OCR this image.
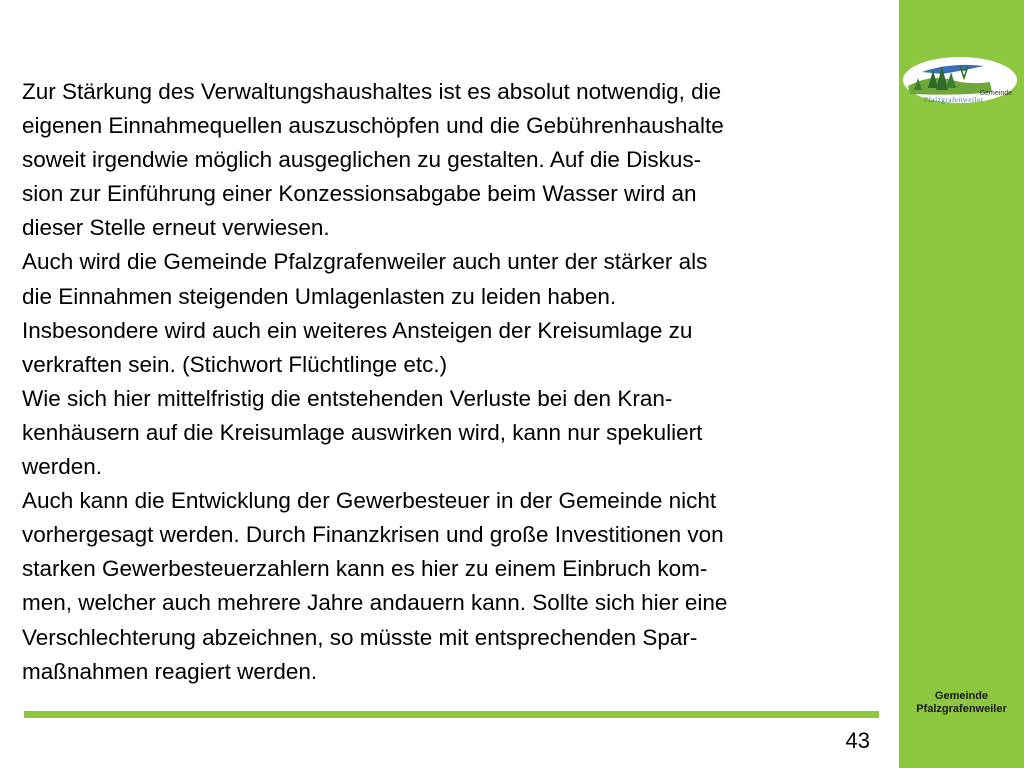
Gemeinde
Pfalzgrafenweiler
Zur Stärkung des Verwaltungshaushaltes ist es absolut notwendig, die
eigenen Einnahmequellen auszuschöpfen und die Gebührenhaushalte
soweit irgendwie möglich ausgeglichen zu gestalten. Auf die Diskus-
sion zur Einführung einer Konzessionsabgabe beim Wasser wird an
dieser Stelle erneut verwiesen.
Auch wird die Gemeinde Pfalzgrafenweiler auch unter der stärker als
die Einnahmen steigenden Umlagenlasten zu leiden haben.
Insbesondere wird auch ein weiteres Ansteigen der Kreisumlage zu
verkraften sein. (Stichwort Flüchtlinge etc.)
Wie sich hier mittelfristig die entstehenden Verluste bei den Kran-
kenhäusern auf die Kreisumlage auswirken wird, kann nur spekuliert
werden.
Auch kann die Entwicklung der Gewerbesteuer in der Gemeinde nicht
vorhergesagt werden. Durch Finanzkrisen und große Investitionen von
starken Gewerbesteuerzahlern kann es hier zu einem Einbruch kom-
men, welcher auch mehrere Jahre andauern kann. Sollte sich hier eine
Verschlechterung abzeichnen, so müsste mit entsprechenden Spar-
maßnahmen reagiert werden.
Gemeinde
Pfalzgrafenweiler
43
